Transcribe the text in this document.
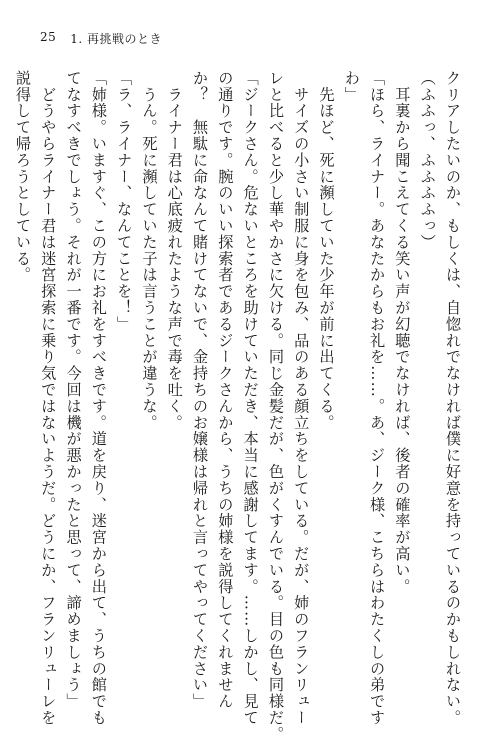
25 1. 再挑戦のとき
クリアしたいのか、もしくは、自惚れでなければ僕に好意を持っているのかもしれない。
（ふふっ、ふふふふっ）
　耳裏から聞こえてくる笑い声が幻聴でなければ、後者の確率が高い。
「ほら、ライナー。あなたからもお礼を……。あ、ジーク様、こちらはわたくしの弟です
わ」
　先ほど、死に瀕していた少年が前に出てくる。
　サイズの小さい制服に身を包み、品のある顔立ちをしている。だが、姉のフランリュー
レと比べると少し華やかさに欠ける。同じ金髪だが、色がくすんでいる。目の色も同様だ。
「ジークさん。危ないところを助けていただき、本当に感謝してます。……しかし、見て
の通りです。腕のいい探索者であるジークさんから、うちの姉様を説得してくれません
か？　無駄に命なんて賭けてないで、金持ちのお嬢様は帰れと言ってやってください」
　ライナー君は心底疲れたような声で毒を吐く。
　うん。死に瀕していた子は言うことが違うな。
「ラ、ライナー、なんてことを！」
「姉様。いますぐ、この方にお礼をすべきです。道を戻り、迷宮から出て、うちの館でも
てなすべきでしょう。それが一番です。今回は機が悪かったと思って、諦めましょう」
　どうやらライナー君は迷宮探索に乗り気ではないようだ。どうにか、フランリューレを
説得して帰ろうとしている。
